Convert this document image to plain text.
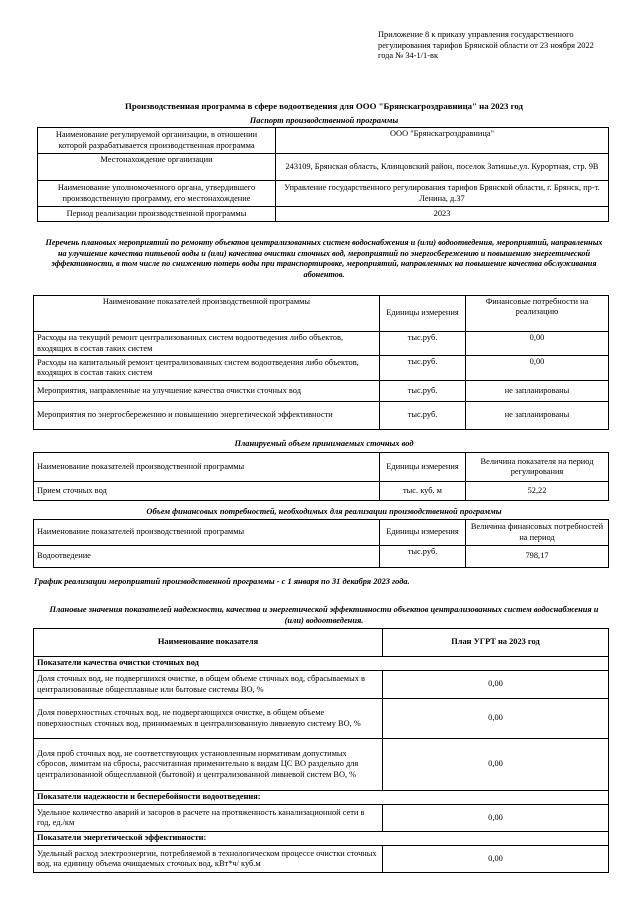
Приложение 8 к приказу управления государственного регулирования тарифов Брянской области от 23 ноября 2022 года № 34-1/1-вк
Производственная программа в сфере водоотведения для ООО "Брянскагроздравница" на 2023 год
Паспорт производственной программы
Наименование регулируемой организации, в отношении которой разрабатывается производственная программа	ООО "Брянскагроздравница"
Местонахождение организации	243109, Брянская область, Клинцовский район, поселок Затишье,ул. Курортная, стр. 9В
Наименование уполномоченного органа, утвердившего производственную программу, его местонахождение	Управление государственного регулирования тарифов Брянской области, г. Брянск, пр-т. Ленина, д.37
Период реализации производственной программы	2023
Перечень плановых мероприятий по ремонту объектов централизованных систем водоснабжения и (или) водоотведения, мероприятий, направленных на улучшение качества питьевой воды и (или) качества очистки сточных вод, мероприятий по энергосбережению и повышению энергетической эффективности, в том числе по снижению потерь воды при транспортировке, мероприятий, направленных на повышение качества обслуживания абонентов.
Наименование показателей производственной программы	Единицы измерения	Финансовые потребности на реализацию
Расходы на текущий ремонт централизованных систем водоотведения либо объектов, входящих в состав таких систем	тыс.руб.	0,00
Расходы на капитальный ремонт централизованных систем водоотведения либо объектов, входящих в состав таких систем	тыс.руб.	0,00
Мероприятия, направленные на улучшение качества очистки сточных вод	тыс.руб.	не запланированы
Мероприятия по энергосбережению и повышению энергетической эффективности	тыс.руб.	не запланированы
Планируемый объем принимаемых сточных вод
Наименование показателей производственной программы	Единицы измерения	Величина показателя на период регулирования
Прием сточных вод	тыс. куб. м	52,22
Объем финансовых потребностей, необходимых для реализации производственной программы
Наименование показателей производственной программы	Единицы измерения	Величина финансовых потребностей на период
Водоотведение	тыс.руб.	798,17
График реализации мероприятий производственной программы - с 1 января по 31 декабря 2023 года.
Плановые значения показателей надежности, качества и энергетической эффективности объектов централизованных систем водоснабжения и (или) водоотведения.
Наименование показателя	План УГРТ на 2023 год
Показатели качества очистки сточных вод	
Доля сточных вод, не подвергшихся очистке, в общем объеме сточных вод, сбрасываемых в централизованные общесплавные или бытовые системы ВО, %	0,00
Доля поверхностных сточных вод, не подвергающихся очистке, в общем объеме поверхностных сточных вод, принимаемых в централизованную ливневую систему ВО, %	0,00
Доля проб сточных вод, не соответствующих установленным нормативам допустимых сбросов, лимитам на сбросы, рассчитанная применительно к видам ЦС ВО раздельно для централизованной общесплавной (бытовой) и централизованной ливневой систем ВО, %	0,00
Показатели надежности и бесперебойности водоотведения:	
Удельное количество аварий и засоров в расчете на протяженность канализационной сети в год, ед./км	0,00
Показатели энергетической эффективности:	
Удельный расход электроэнергии, потребляемой в технологическом процессе очистки сточных вод, на единицу объема очищаемых сточных вод, кВт*ч/ куб.м	0,00
